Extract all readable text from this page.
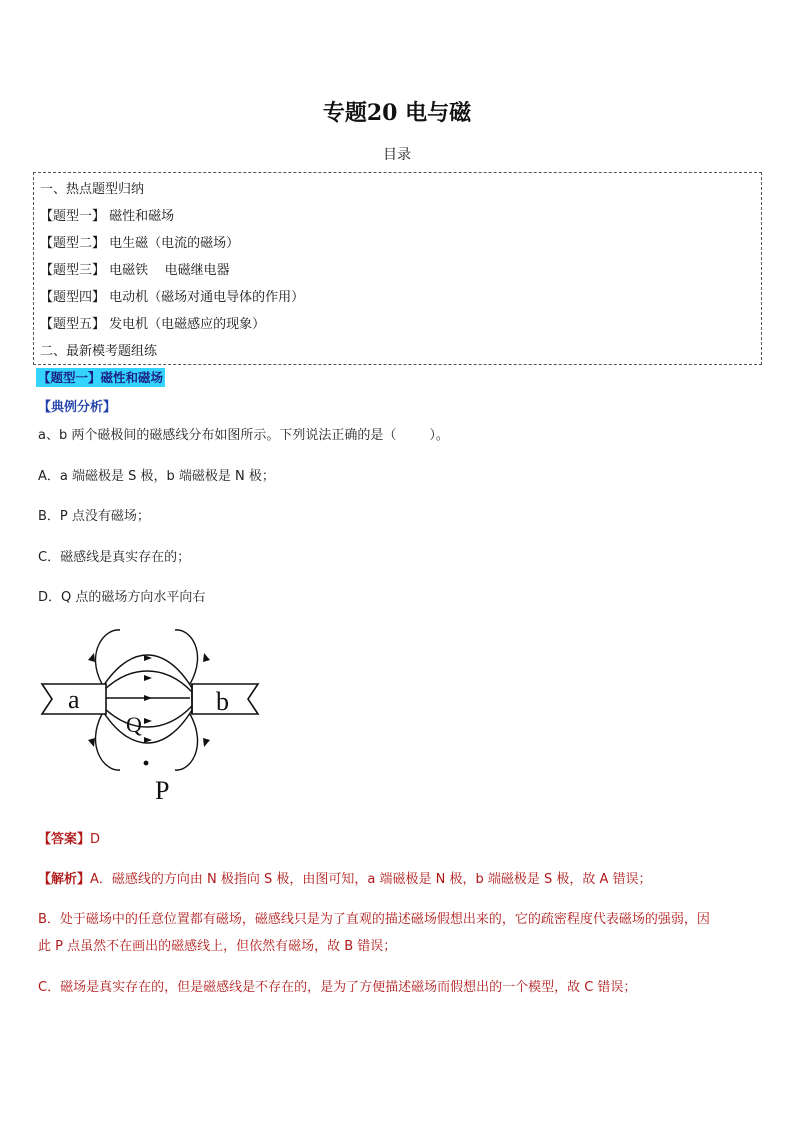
专题20 电与磁
目录
一、热点题型归纳
【题型一】 磁性和磁场
【题型二】 电生磁（电流的磁场）
【题型三】 电磁铁    电磁继电器
【题型四】 电动机（磁场对通电导体的作用）
【题型五】 发电机（电磁感应的现象）
二、最新模考题组练
【题型一】磁性和磁场
【典例分析】
a、b 两个磁极间的磁感线分布如图所示。下列说法正确的是（        ）。
A．a 端磁极是 S 极，b 端磁极是 N 极；
B．P 点没有磁场；
C．磁感线是真实存在的；
D．Q 点的磁场方向水平向右
a	b
Q
P
【答案】D
【解析】A．磁感线的方向由 N 极指向 S 极，由图可知，a 端磁极是 N 极，b 端磁极是 S 极，故 A 错误；
B．处于磁场中的任意位置都有磁场，磁感线只是为了直观的描述磁场假想出来的，它的疏密程度代表磁场的强弱，因
此 P 点虽然不在画出的磁感线上，但依然有磁场，故 B 错误；
C．磁场是真实存在的，但是磁感线是不存在的，是为了方便描述磁场而假想出的一个模型，故 C 错误；
